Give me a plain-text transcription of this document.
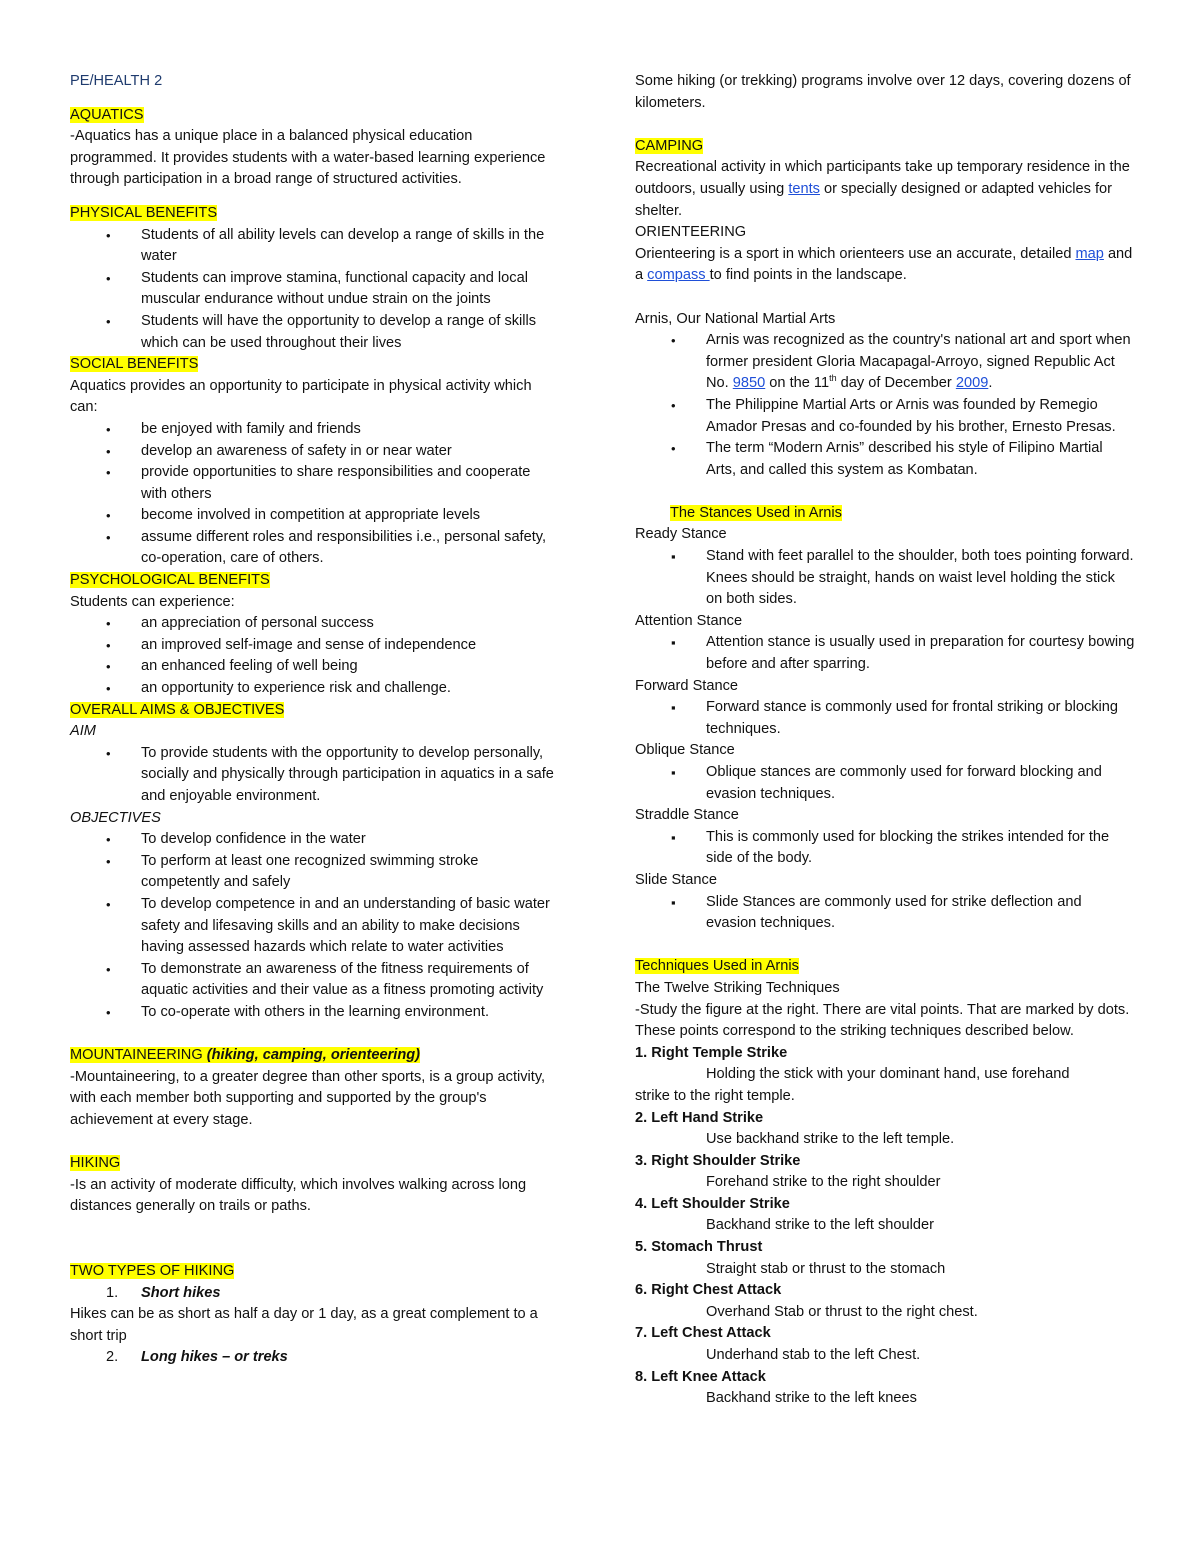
PE/HEALTH 2

AQUATICS

-Aquatics has a unique place in a balanced physical education programmed. It provides students with a water-based learning experience through participation in a broad range of structured activities.

PHYSICAL BENEFITS

• Students of all ability levels can develop a range of skills in the water
• Students can improve stamina, functional capacity and local muscular endurance without undue strain on the joints
• Students will have the opportunity to develop a range of skills which can be used throughout their lives

SOCIAL BENEFITS

Aquatics provides an opportunity to participate in physical activity which can:

• be enjoyed with family and friends
• develop an awareness of safety in or near water
• provide opportunities to share responsibilities and cooperate with others
• become involved in competition at appropriate levels
• assume different roles and responsibilities i.e., personal safety, co-operation, care of others.

PSYCHOLOGICAL BENEFITS

Students can experience:

• an appreciation of personal success
• an improved self-image and sense of independence
• an enhanced feeling of well being
• an opportunity to experience risk and challenge.

OVERALL AIMS & OBJECTIVES

AIM

• To provide students with the opportunity to develop personally, socially and physically through participation in aquatics in a safe and enjoyable environment.

OBJECTIVES

• To develop confidence in the water
• To perform at least one recognized swimming stroke competently and safely
• To develop competence in and an understanding of basic water safety and lifesaving skills and an ability to make decisions having assessed hazards which relate to water activities
• To demonstrate an awareness of the fitness requirements of aquatic activities and their value as a fitness promoting activity
• To co-operate with others in the learning environment.

MOUNTAINEERING (hiking, camping, orienteering)

-Mountaineering, to a greater degree than other sports, is a group activity, with each member both supporting and supported by the group's achievement at every stage.

HIKING

-Is an activity of moderate difficulty, which involves walking across long distances generally on trails or paths.

TWO TYPES OF HIKING

1. Short hikes

Hikes can be as short as half a day or 1 day, as a great complement to a short trip

2. Long hikes – or treks

Some hiking (or trekking) programs involve over 12 days, covering dozens of kilometers.

CAMPING

Recreational activity in which participants take up temporary residence in the outdoors, usually using tents or specially designed or adapted vehicles for shelter.

ORIENTEERING

Orienteering is a sport in which orienteers use an accurate, detailed map and a compass to find points in the landscape.

Arnis, Our National Martial Arts

• Arnis was recognized as the country's national art and sport when former president Gloria Macapagal-Arroyo, signed Republic Act No. 9850 on the 11th day of December 2009.
• The Philippine Martial Arts or Arnis was founded by Remegio Amador Presas and co-founded by his brother, Ernesto Presas.
• The term “Modern Arnis” described his style of Filipino Martial Arts, and called this system as Kombatan.

The Stances Used in Arnis

Ready Stance

▪ Stand with feet parallel to the shoulder, both toes pointing forward. Knees should be straight, hands on waist level holding the stick on both sides.

Attention Stance

▪ Attention stance is usually used in preparation for courtesy bowing before and after sparring.

Forward Stance

▪ Forward stance is commonly used for frontal striking or blocking techniques.

Oblique Stance

▪ Oblique stances are commonly used for forward blocking and evasion techniques.

Straddle Stance

▪ This is commonly used for blocking the strikes intended for the side of the body.

Slide Stance

▪ Slide Stances are commonly used for strike deflection and evasion techniques.

Techniques Used in Arnis

The Twelve Striking Techniques

-Study the figure at the right. There are vital points. That are marked by dots. These points correspond to the striking techniques described below.

1. Right Temple Strike

Holding the stick with your dominant hand, use forehand

strike to the right temple.

2. Left Hand Strike

Use backhand strike to the left temple.

3. Right Shoulder Strike

Forehand strike to the right shoulder

4. Left Shoulder Strike

Backhand strike to the left shoulder

5. Stomach Thrust

Straight stab or thrust to the stomach

6. Right Chest Attack

Overhand Stab or thrust to the right chest.

7. Left Chest Attack

Underhand stab to the left Chest.

8. Left Knee Attack

Backhand strike to the left knees
